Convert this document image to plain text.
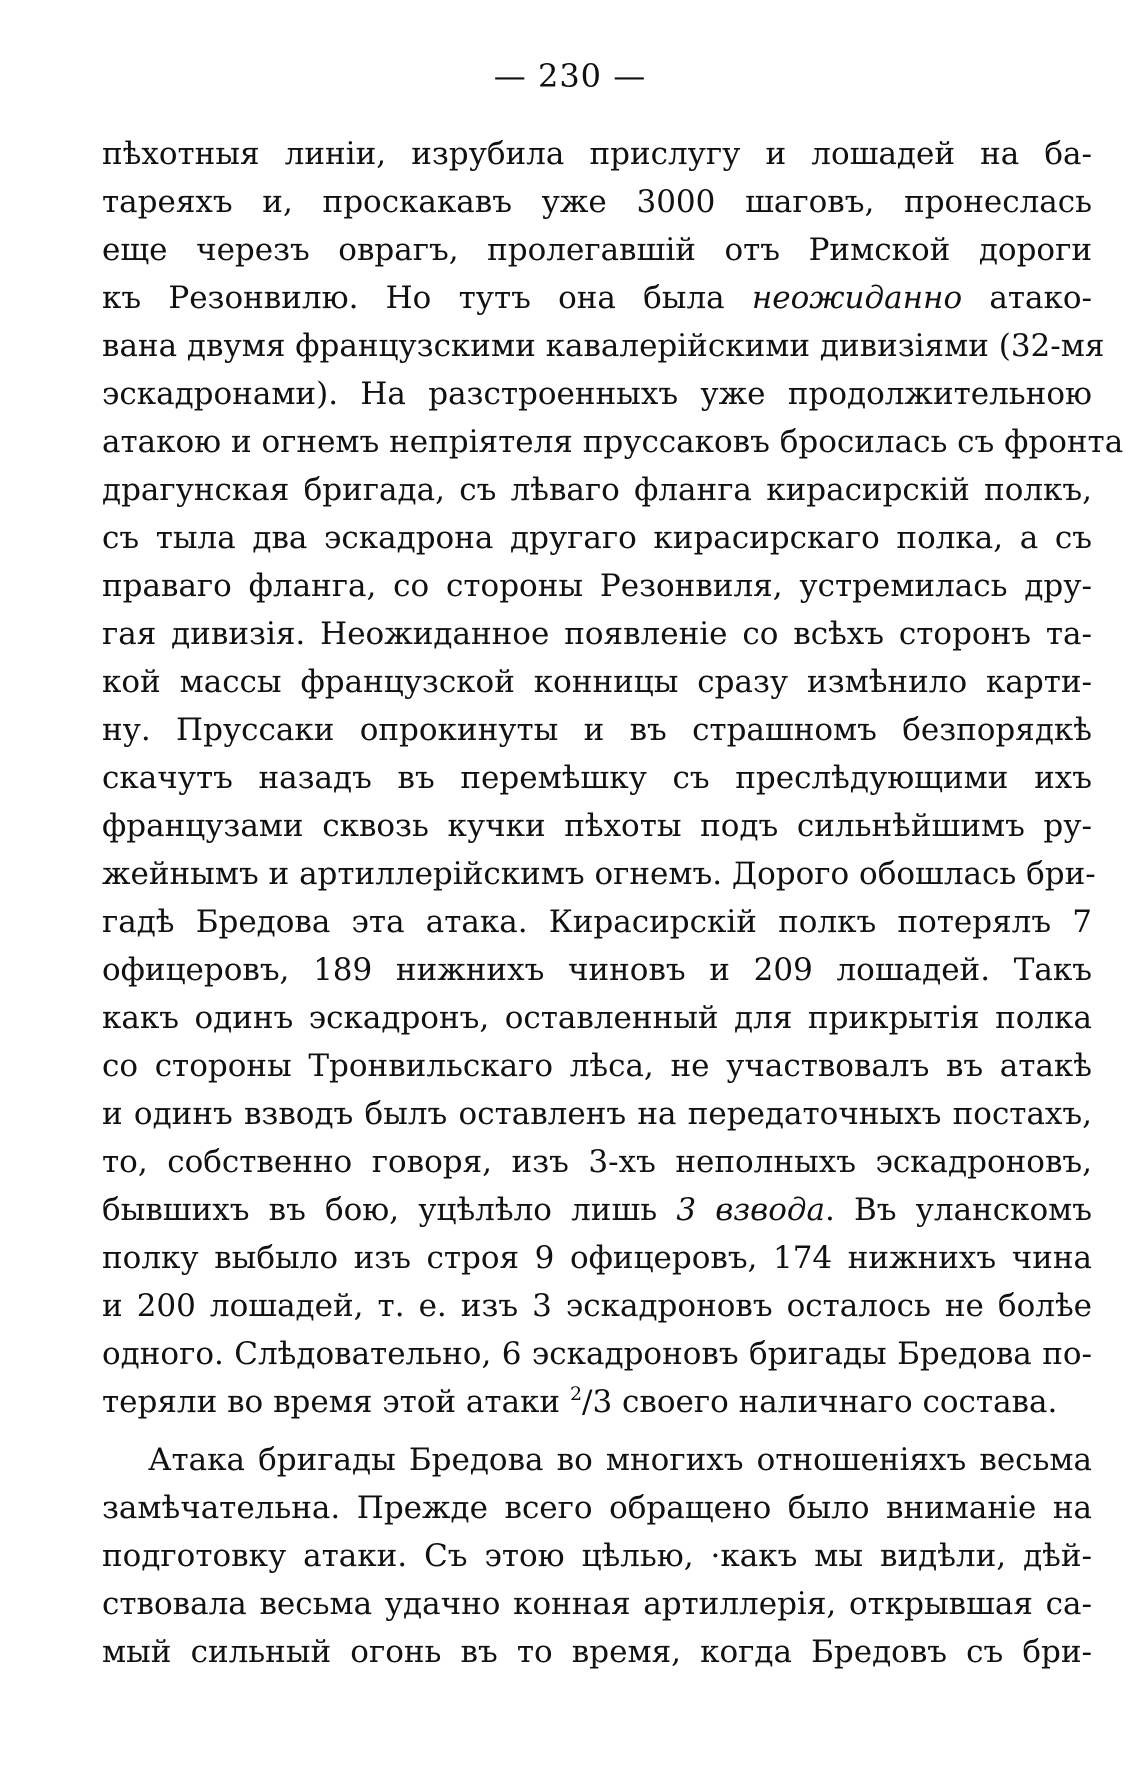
— 230 —
пѣхотныя линіи, изрубила прислугу и лошадей на ба-
тареяхъ и, проскакавъ уже 3000 шаговъ, пронеслась
еще черезъ оврагъ, пролегавшій отъ Римской дороги
къ Резонвилю. Но тутъ она была неожиданно атако-
вана двумя французскими кавалерійскими дивизіями (32-мя
эскадронами). На разстроенныхъ уже продолжительною
атакою и огнемъ непріятеля пруссаковъ бросилась съ фронта
драгунская бригада, съ лѣваго фланга кирасирскій полкъ,
съ тыла два эскадрона другаго кирасирскаго полка, а съ
праваго фланга, со стороны Резонвиля, устремилась дру-
гая дивизія. Неожиданное появленіе со всѣхъ сторонъ та-
кой массы французской конницы сразу измѣнило карти-
ну. Пруссаки опрокинуты и въ страшномъ безпорядкѣ
скачутъ назадъ въ перемѣшку съ преслѣдующими ихъ
французами сквозь кучки пѣхоты подъ сильнѣйшимъ ру-
жейнымъ и артиллерійскимъ огнемъ. Дорого обошлась бри-
гадѣ Бредова эта атака. Кирасирскій полкъ потерялъ 7
офицеровъ, 189 нижнихъ чиновъ и 209 лошадей. Такъ
какъ одинъ эскадронъ, оставленный для прикрытія полка
со стороны Тронвильскаго лѣса, не участвовалъ въ атакѣ
и одинъ взводъ былъ оставленъ на передаточныхъ постахъ,
то, собственно говоря, изъ 3-хъ неполныхъ эскадроновъ,
бывшихъ въ бою, уцѣлѣло лишь 3 взвода. Въ уланскомъ
полку выбыло изъ строя 9 офицеровъ, 174 нижнихъ чина
и 200 лошадей, т. е. изъ 3 эскадроновъ осталось не болѣе
одного. Слѣдовательно, 6 эскадроновъ бригады Бредова по-
теряли во время этой атаки $^2$/3 своего наличнаго состава.
Атака бригады Бредова во многихъ отношеніяхъ весьма
замѣчательна. Прежде всего обращено было вниманіе на
подготовку атаки. Съ этою цѣлью, ·какъ мы видѣли, дѣй-
ствовала весьма удачно конная артиллерія, открывшая са-
мый сильный огонь въ то время, когда Бредовъ съ бри-
